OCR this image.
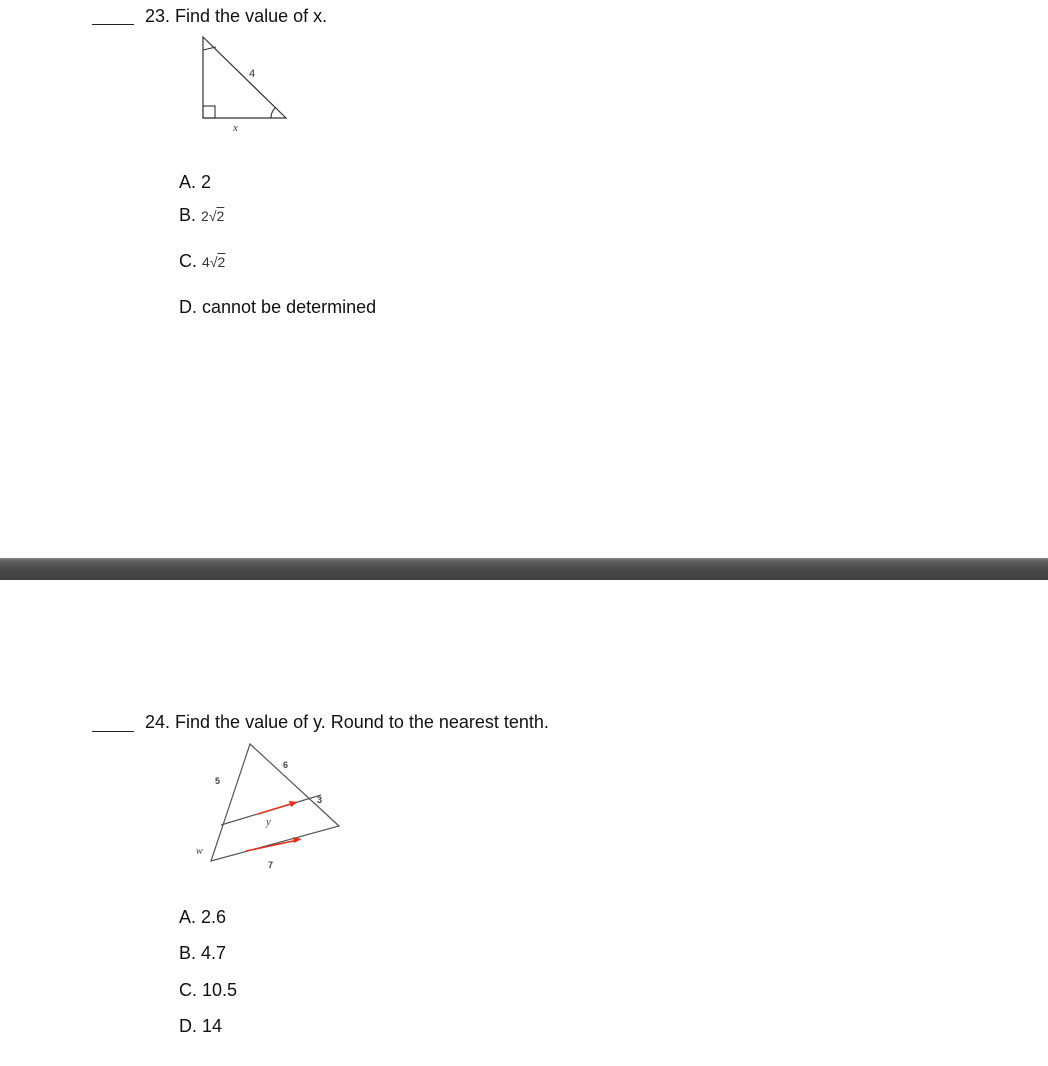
23. Find the value of x.
4
x
A. 2
B. 2√2
C. 4√2
D. cannot be determined
24. Find the value of y. Round to the nearest tenth.
5
6
3
w
y
7
A. 2.6
B. 4.7
C. 10.5
D. 14
